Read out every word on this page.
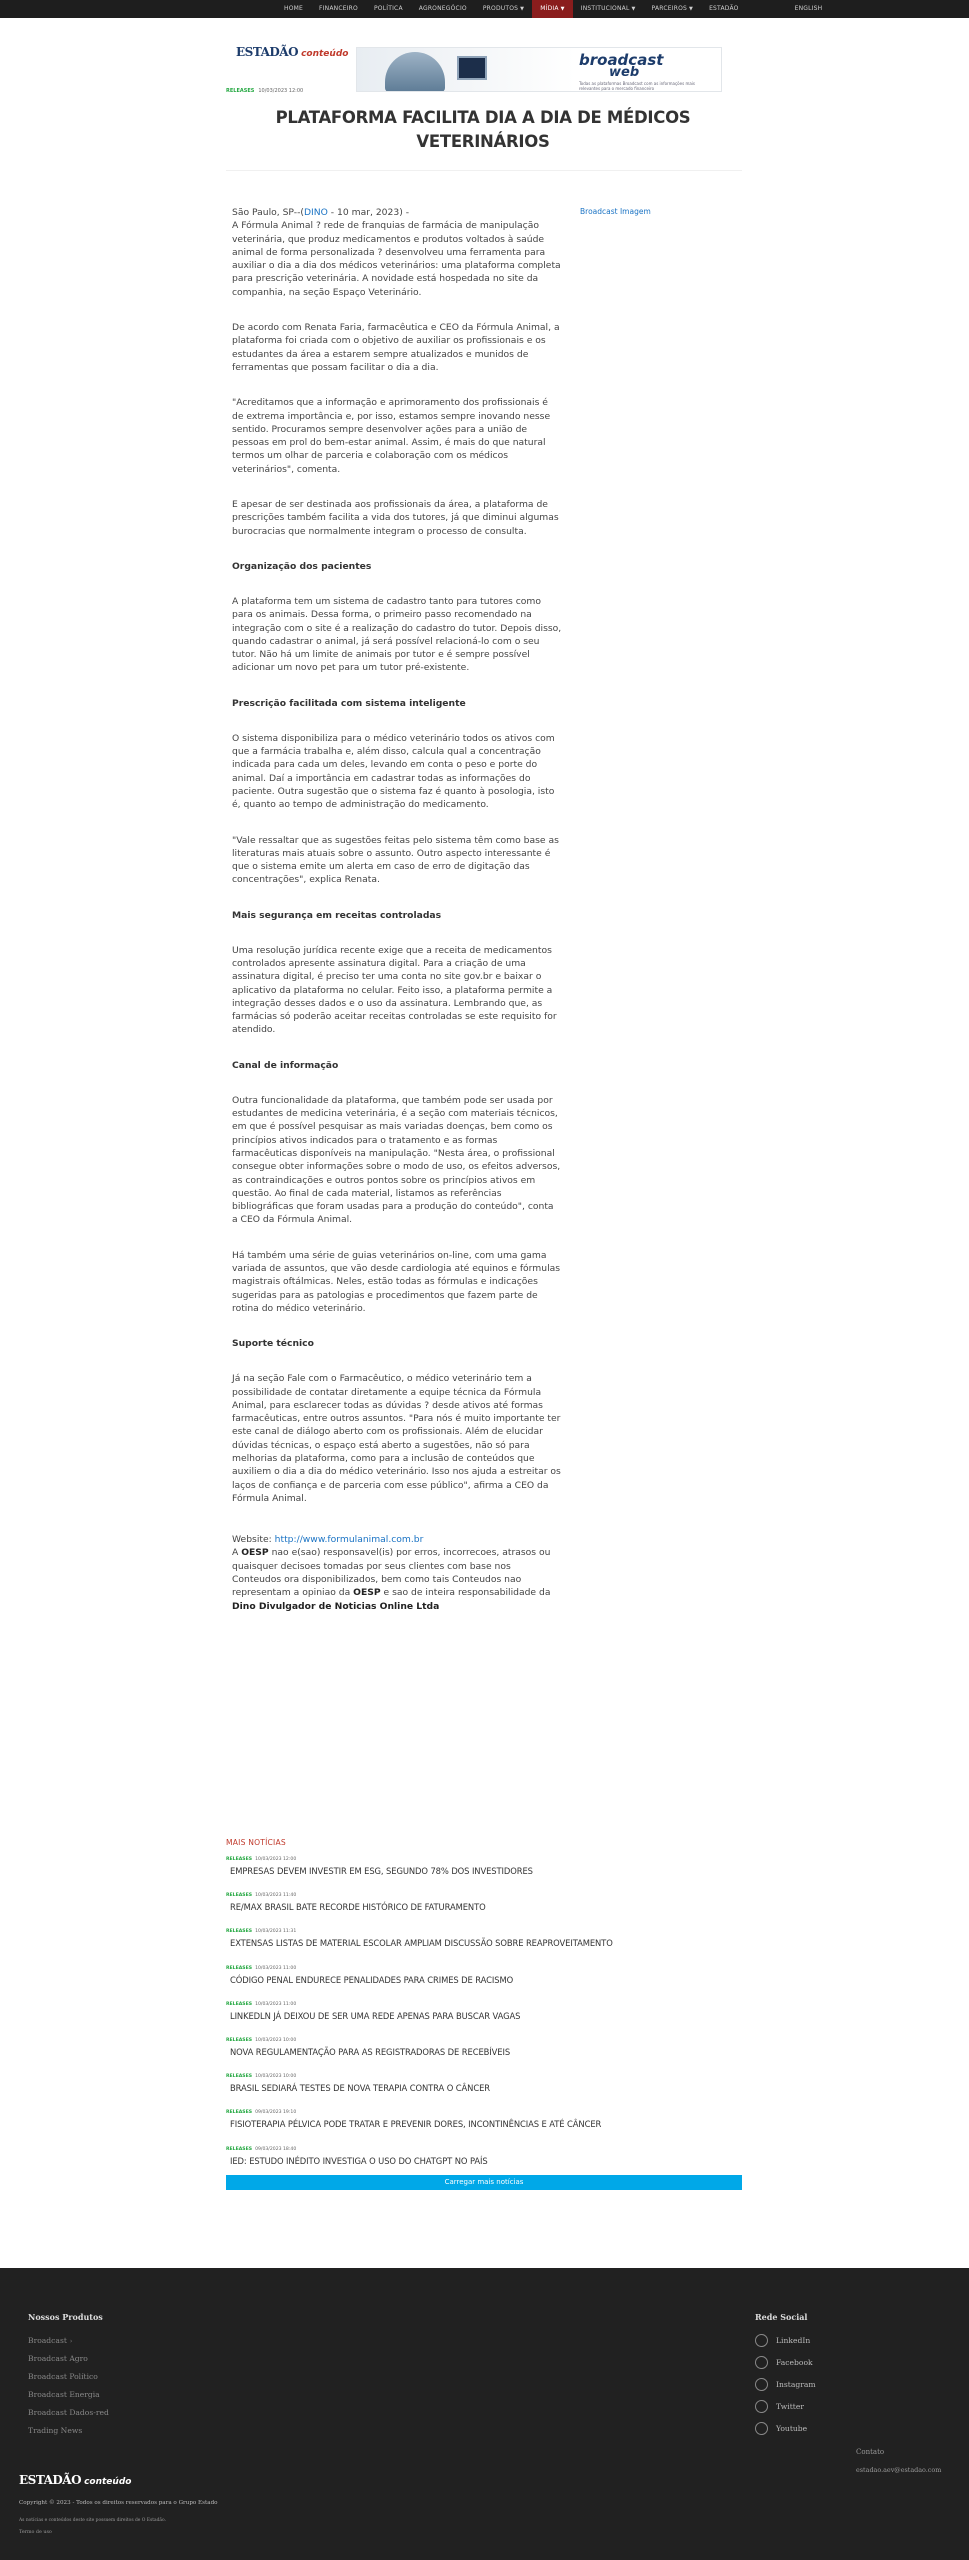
HOME	FINANCEIRO	POLÍTICA	AGRONEGÓCIO	PRODUTOS ▼	MÍDIA ▼	INSTITUCIONAL ▼	PARCEIROS ▼	ESTADÃO	ENGLISH
ESTADÃO conteúdo	broadcast
web
Todas as plataformas Broadcast com as informações mais relevantes para o mercado financeiro
RELEASES 10/03/2023 12:00
PLATAFORMA FACILITA DIA A DIA DE MÉDICOS VETERINÁRIOS
Broadcast Imagem

São Paulo, SP--(DINO - 10 mar, 2023) -
A Fórmula Animal ? rede de franquias de farmácia de manipulação veterinária, que produz medicamentos e produtos voltados à saúde animal de forma personalizada ? desenvolveu uma ferramenta para auxiliar o dia a dia dos médicos veterinários: uma plataforma completa para prescrição veterinária. A novidade está hospedada no site da companhia, na seção Espaço Veterinário.

De acordo com Renata Faria, farmacêutica e CEO da Fórmula Animal, a plataforma foi criada com o objetivo de auxiliar os profissionais e os estudantes da área a estarem sempre atualizados e munidos de ferramentas que possam facilitar o dia a dia.

"Acreditamos que a informação e aprimoramento dos profissionais é de extrema importância e, por isso, estamos sempre inovando nesse sentido. Procuramos sempre desenvolver ações para a união de pessoas em prol do bem-estar animal. Assim, é mais do que natural termos um olhar de parceria e colaboração com os médicos veterinários", comenta.

E apesar de ser destinada aos profissionais da área, a plataforma de prescrições também facilita a vida dos tutores, já que diminui algumas burocracias que normalmente integram o processo de consulta.

Organização dos pacientes

A plataforma tem um sistema de cadastro tanto para tutores como para os animais. Dessa forma, o primeiro passo recomendado na integração com o site é a realização do cadastro do tutor. Depois disso, quando cadastrar o animal, já será possível relacioná-lo com o seu tutor. Não há um limite de animais por tutor e é sempre possível adicionar um novo pet para um tutor pré-existente.

Prescrição facilitada com sistema inteligente

O sistema disponibiliza para o médico veterinário todos os ativos com que a farmácia trabalha e, além disso, calcula qual a concentração indicada para cada um deles, levando em conta o peso e porte do animal. Daí a importância em cadastrar todas as informações do paciente. Outra sugestão que o sistema faz é quanto à posologia, isto é, quanto ao tempo de administração do medicamento.

"Vale ressaltar que as sugestões feitas pelo sistema têm como base as literaturas mais atuais sobre o assunto. Outro aspecto interessante é que o sistema emite um alerta em caso de erro de digitação das concentrações", explica Renata.

Mais segurança em receitas controladas

Uma resolução jurídica recente exige que a receita de medicamentos controlados apresente assinatura digital. Para a criação de uma assinatura digital, é preciso ter uma conta no site gov.br e baixar o aplicativo da plataforma no celular. Feito isso, a plataforma permite a integração desses dados e o uso da assinatura. Lembrando que, as farmácias só poderão aceitar receitas controladas se este requisito for atendido.

Canal de informação

Outra funcionalidade da plataforma, que também pode ser usada por estudantes de medicina veterinária, é a seção com materiais técnicos, em que é possível pesquisar as mais variadas doenças, bem como os princípios ativos indicados para o tratamento e as formas farmacêuticas disponíveis na manipulação. "Nesta área, o profissional consegue obter informações sobre o modo de uso, os efeitos adversos, as contraindicações e outros pontos sobre os princípios ativos em questão. Ao final de cada material, listamos as referências bibliográficas que foram usadas para a produção do conteúdo", conta a CEO da Fórmula Animal.

Há também uma série de guias veterinários on-line, com uma gama variada de assuntos, que vão desde cardiologia até equinos e fórmulas magistrais oftálmicas. Neles, estão todas as fórmulas e indicações sugeridas para as patologias e procedimentos que fazem parte de rotina do médico veterinário.

Suporte técnico

Já na seção Fale com o Farmacêutico, o médico veterinário tem a possibilidade de contatar diretamente a equipe técnica da Fórmula Animal, para esclarecer todas as dúvidas ? desde ativos até formas farmacêuticas, entre outros assuntos. "Para nós é muito importante ter este canal de diálogo aberto com os profissionais. Além de elucidar dúvidas técnicas, o espaço está aberto a sugestões, não só para melhorias da plataforma, como para a inclusão de conteúdos que auxiliem o dia a dia do médico veterinário. Isso nos ajuda a estreitar os laços de confiança e de parceria com esse público", afirma a CEO da Fórmula Animal.

Website: http://www.formulanimal.com.br
A OESP nao e(sao) responsavel(is) por erros, incorrecoes, atrasos ou quaisquer decisoes tomadas por seus clientes com base nos Conteudos ora disponibilizados, bem como tais Conteudos nao representam a opiniao da OESP e sao de inteira responsabilidade da Dino Divulgador de Noticias Online Ltda

MAIS NOTÍCIAS
RELEASES 10/03/2023 12:00
EMPRESAS DEVEM INVESTIR EM ESG, SEGUNDO 78% DOS INVESTIDORES
RELEASES 10/03/2023 11:40
RE/MAX BRASIL BATE RECORDE HISTÓRICO DE FATURAMENTO
RELEASES 10/03/2023 11:31
EXTENSAS LISTAS DE MATERIAL ESCOLAR AMPLIAM DISCUSSÃO SOBRE REAPROVEITAMENTO
RELEASES 10/03/2023 11:00
CÓDIGO PENAL ENDURECE PENALIDADES PARA CRIMES DE RACISMO
RELEASES 10/03/2023 11:00
LINKEDLN JÁ DEIXOU DE SER UMA REDE APENAS PARA BUSCAR VAGAS
RELEASES 10/03/2023 10:00
NOVA REGULAMENTAÇÃO PARA AS REGISTRADORAS DE RECEBÍVEIS
RELEASES 10/03/2023 10:00
BRASIL SEDIARÁ TESTES DE NOVA TERAPIA CONTRA O CÂNCER
RELEASES 09/03/2023 19:10
FISIOTERAPIA PÉLVICA PODE TRATAR E PREVENIR DORES, INCONTINÊNCIAS E ATÉ CÂNCER
RELEASES 09/03/2023 18:40
IED: ESTUDO INÉDITO INVESTIGA O USO DO CHATGPT NO PAÍS
Carregar mais notícias
Nossos Produtos
Broadcast ›
Broadcast Agro
Broadcast Político
Broadcast Energia
Broadcast Dados-red
Trading News
Rede Social
LinkedIn
Facebook
Instagram
Twitter
Youtube
Contato
estadao.aev@estadao.com
ESTADÃO conteúdo
Copyright © 2023 - Todos os direitos reservados para o Grupo Estado
As notícias e conteúdos deste site possuem direitos de O Estadão.
Termo de uso
